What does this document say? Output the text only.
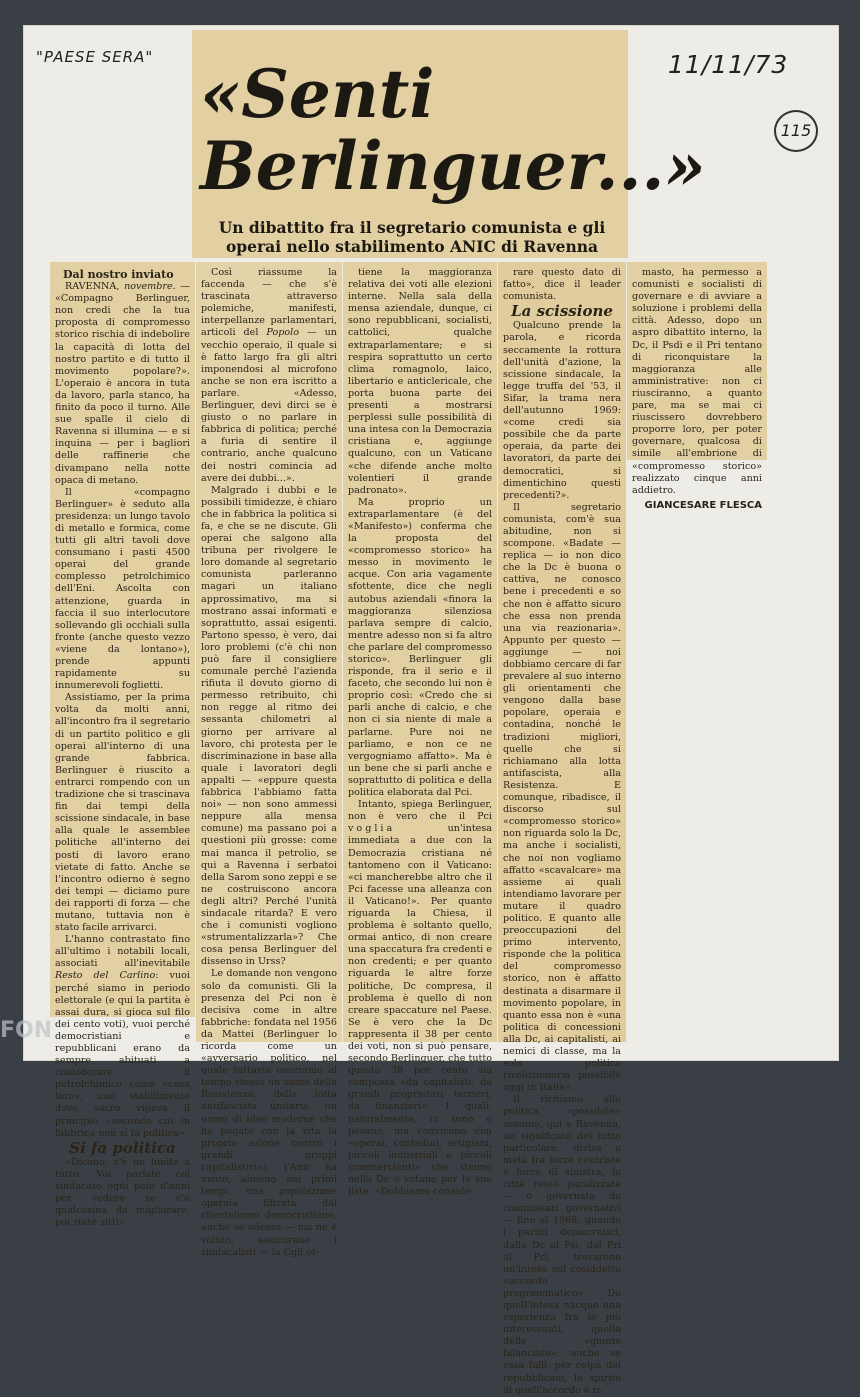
"PAESE SERA"	11/11/73
115
«Senti Berlinguer...»
Un dibattito fra il segretario comunista e gli operai nello stabilimento ANIC di Ravenna
Dal nostro inviato

RAVENNA, novembre. — «Compagno Berlinguer, non credi che la tua proposta di compromesso storico rischia di indebolire la capacità di lotta del nostro partito e di tutto il movimento popolare?». L'operaio è ancora in tuta da lavoro, parla stanco, ha finito da poco il turno. Alle sue spalle il cielo di Ravenna si illumina — e si inquina — per i bagliori delle raffinerie che divampano nella notte opaca di metano.

Il «compagno Berlinguer» è seduto alla presidenza: un lungo tavolo di metallo e formica, come tutti gli altri tavoli dove consumano i pasti 4500 operai del grande complesso petrolchimico dell'Eni. Ascolta con attenzione, guarda in faccia il suo interlocutore sollevando gli occhiali sulla fronte (anche questo vezzo «viene da lontano»), prende appunti rapidamente su innumerevoli foglietti.

Assistiamo, per la prima volta da molti anni, all'incontro fra il segretario di un partito politico e gli operai all'interno di una grande fabbrica. Berlinguer è riuscito a entrarci rompendo con un tradizione che si trascinava fin dai tempi della scissione sindacale, in base alla quale le assemblee politiche all'interno dei posti di lavoro erano vietate di fatto. Anche se l'incontro odierno è segno dei tempi — diciamo pure dei rapporti di forza — che mutano, tuttavia non è stato facile arrivarci.

L'hanno contrastato fino all'ultimo i notabili locali, associati all'inevitabile Resto del Carlino: vuoi perché siamo in periodo elettorale (e qui la partita è assai dura, si gioca sul filo dei cento voti), vuoi perché democristiani e repubblicani erano da sempre abituati a considerare il petrolchimico come «cosa loro», uno stabilimento dove sacro vigeva il principio «secondo cui in fabbrica non si fa politica».

Si fa politica

«Dicono: c'è un limite a tutto. Voi parlate col sindacato ogni paio d'anni per vedere se c'è qualcosina da migliorare, poi state zitti».

Così riassume la faccenda — che s'è trascinata attraverso polemiche, manifesti, interpellanze parlamentari, articoli del Popolo — un vecchio operaio, il quale si è fatto largo fra gli altri imponendosi al microfono anche se non era iscritto a parlare. «Adesso, Berlinguer, devi dirci se è giusto o no parlare in fabbrica di politica; perché a furia di sentire il contrario, anche qualcuno dei nostri comincia ad avere dei dubbi...».

Malgrado i dubbi e le possibili timidezze, è chiaro che in fabbrica la politica si fa, e che se ne discute. Gli operai che salgono alla tribuna per rivolgere le loro domande al segretario comunista parleranno magari un italiano approssimativo, ma si mostrano assai informati e soprattutto, assai esigenti. Partono spesso, è vero, dai loro problemi (c'è chi non può fare il consigliere comunale perché l'azienda rifiuta il dovuto giorno di permesso retribuito, chi non regge al ritmo dei sessanta chilometri al giorno per arrivare al lavoro, chi protesta per le discriminazione in base alla quale i lavoratori degli appalti — «eppure questa fabbrica l'abbiamo fatta noi» — non sono ammessi neppure alla mensa comune) ma passano poi a questioni più grosse: come mai manca il petrolio, se qui a Ravenna i serbatoi della Sarom sono zeppi e se ne costruiscono ancora degli altri? Perché l'unità sindacale ritarda? E vero che i comunisti vogliono «strumentalizzarla»? Che cosa pensa Berlinguer del dissenso in Urss?

Le domande non vengono solo da comunisti. Gli la presenza del Pci non è decisiva come in altre fabbriche: fondata nel 1956 da Mattei (Berlinguer lo ricorda come un «avversario politico, nel quale tuttavia onoriamo al tempo stesso un uomo della Resistenza, della lotta antifascista unitaria, un uomo di idee moderne che ha pagato con la vita la propria azione contro i grandi gruppi capitalistici»), l'Anic ha avuto, almeno nei primi tempi, una popolazione operaia filtrata dal clientelismo democristiano, anche se adesso — ma ne è voluto, assicurano i sindacalisti — la Cgil ot-

tiene la maggioranza relativa dei voti alle elezioni interne. Nella sala della mensa aziendale, dunque, ci sono repubblicani, socialisti, cattolici, qualche extraparlamentare; e si respira soprattutto un certo clima romagnolo, laico, libertario e anticlericale, che porta buona parte dei presenti a mostrarsi perplessi sulle possibilità di una intesa con la Democrazia cristiana e, aggiunge qualcuno, con un Vaticano «che difende anche molto volentieri il grande padronato».

Ma proprio un extraparlamentare (è del «Manifesto») conferma che la proposta del «compromesso storico» ha messo in movimento le acque. Con aria vagamente sfottente, dice che negli autobus aziendali «finora la maggioranza silenziosa parlava sempre di calcio, mentre adesso non si fa altro che parlare del compromesso storico». Berlinguer gli risponde, fra il serio e il faceto, che secondo lui non è proprio così: «Credo che si parli anche di calcio, e che non ci sia niente di male a parlarne. Pure noi ne parliamo, e non ce ne vergogniamo affatto». Ma è un bene che si parli anche e soprattutto di politica e della politica elaborata dal Pci.

Intanto, spiega Berlinguer, non è vero che il Pci voglia un'intesa immediata a due con la Democrazia cristiana né tantomeno con il Vaticano: «ci mancherebbe altro che il Pci facesse una alleanza con il Vaticano!». Per quanto riguarda la Chiesa, il problema è soltanto quello, ormai antico, di non creare una spaccatura fra credenti e non credenti; e per quanto riguarda le altre forze politiche, Dc compresa, il problema è quello di non creare spaccature nel Paese. Se è vero che la Dc rappresenta il 38 per cento dei voti, non si può pensare, secondo Berlinguer, che tutto questo 38 per cento sia composta «da capitalisti, da grandi proprietari terrieri, da finanzieri». I quali, naturalmente, ci sono e pesano; ma convivono con «operai, contadini, artigiani, piccoli industriali e piccoli commercianti» che stanno nella Dc o votano per le sue liste. «Dobbiamo conside-

rare questo dato di fatto», dice il leader comunista.

La scissione

Qualcuno prende la parola, e ricorda seccamente la rottura dell'unità d'azione, la scissione sindacale, la legge truffa del '53, il Sifar, la trama nera dell'autunno 1969: «come credi sia possibile che da parte operaia, da parte dei lavoratori, da parte dei democratici, si dimentichino questi precedenti?».

Il segretario comunista, com'è sua abitudine, non si scompone. «Badate — replica — io non dico che la Dc è buona o cattiva, ne conosco bene i precedenti e so che non è affatto sicuro che essa non prenda una via reazionaria». Appunto per questo — aggiunge — noi dobbiamo cercare di far prevalere al suo interno gli orientamenti che vengono dalla base popolare, operaia e contadina, nonché le tradizioni migliori, quelle che si richiamano alla lotta antifascista, alla Resistenza. E comunque, ribadisce, il discorso sul «compromesso storico» non riguarda solo la Dc, ma anche i socialisti, che noi non vogliamo affatto «scavalcare» ma assieme ai quali intendiamo lavorare per mutare il quadro politico. E quanto alle preoccupazioni del primo intervento, risponde che la politica del compromesso storico, non è affatto destinata a disarmare il movimento popolare, in quanto essa non è «una politica di concessioni alla Dc, ai capitalisti, ai nemici di classe, ma la sola politica rivoluzionaria possibile oggi in Italia».

Il richiamo alla politica «possibile» assume, qui a Ravenna, un significato del tutto particolare: divisa a metà fra forze centriste e forze di sinistra, la città restò paralizzata — o governata da commissari governativi — fino al 1968, quando i partiti democratici, dalla Dc al Psi, dal Pri al Pci, trovarono un'intesa sul cosiddetto «accordo programmatico». Da quell'intesa nacque una esperienza fra le più interessanti, quella delle «giunte bilanciate»: anche se essa fallì, per colpa dei repubblicani, lo spirito di quell'accordo è ri-

masto, ha permesso a comunisti e socialisti di governare e di avviare a soluzione i problemi della città. Adesso, dopo un aspro dibattito interno, la Dc, il Psdi e il Pri tentano di riconquistare la maggioranza alle amministrative: non ci riusciranno, a quanto pare, ma se mai ci riuscissero dovrebbero proporre loro, per poter governare, qualcosa di simile all'embrione di «compromesso storico» realizzato cinque anni addietro.

GIANCESARE FLESCA
FON
